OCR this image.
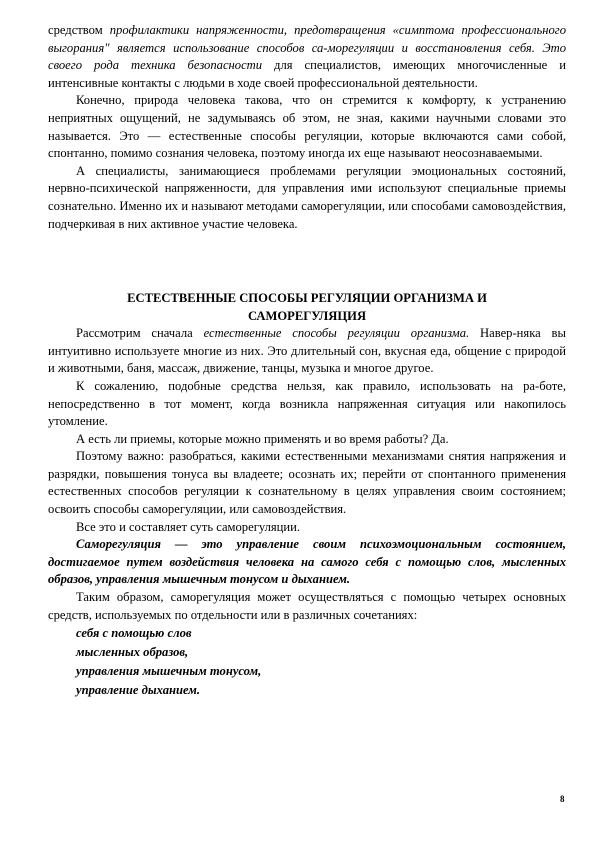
средством профилактики напряженности, предотвращения «симптома профессионального выгорания" является использование способов са-морегуляции и восстановления себя. Это своего рода техника безопасности для специалистов, имеющих многочисленные и интенсивные контакты с людьми в ходе своей профессиональной деятельности.

Конечно, природа человека такова, что он стремится к комфорту, к устранению неприятных ощущений, не задумываясь об этом, не зная, какими научными словами это называется. Это — естественные способы регуляции, которые включаются сами собой, спонтанно, помимо сознания человека, поэтому иногда их еще называют неосознаваемыми.

А специалисты, занимающиеся проблемами регуляции эмоциональных состояний, нервно-психической напряженности, для управления ими используют специальные приемы сознательно. Именно их и называют методами саморегуляции, или способами самовоздействия, подчеркивая в них активное участие человека.

ЕСТЕСТВЕННЫЕ СПОСОБЫ РЕГУЛЯЦИИ ОРГАНИЗМА И
САМОРЕГУЛЯЦИЯ

Рассмотрим сначала естественные способы регуляции организма. Навер-няка вы интуитивно используете многие из них. Это длительный сон, вкусная еда, общение с природой и животными, баня, массаж, движение, танцы, музыка и многое другое.

К сожалению, подобные средства нельзя, как правило, использовать на ра-боте, непосредственно в тот момент, когда возникла напряженная ситуация или накопилось утомление.

А есть ли приемы, которые можно применять и во время работы? Да.

Поэтому важно: разобраться, какими естественными механизмами снятия напряжения и разрядки, повышения тонуса вы владеете; осознать их; перейти от спонтанного применения естественных способов регуляции к сознательному в целях управления своим состоянием; освоить способы саморегуляции, или самовоздействия.

Все это и составляет суть саморегуляции.

Саморегуляция — это управление своим психоэмоциональным состоянием, достигаемое путем воздействия человека на самого себя с помощью слов, мысленных образов, управления мышечным тонусом и дыханием.

Таким образом, саморегуляция может осуществляться с помощью четырех основных средств, используемых по отдельности или в различных сочетаниях:

себя с помощью слов
мысленных образов,
управления мышечным тонусом,
управление дыханием.
8
